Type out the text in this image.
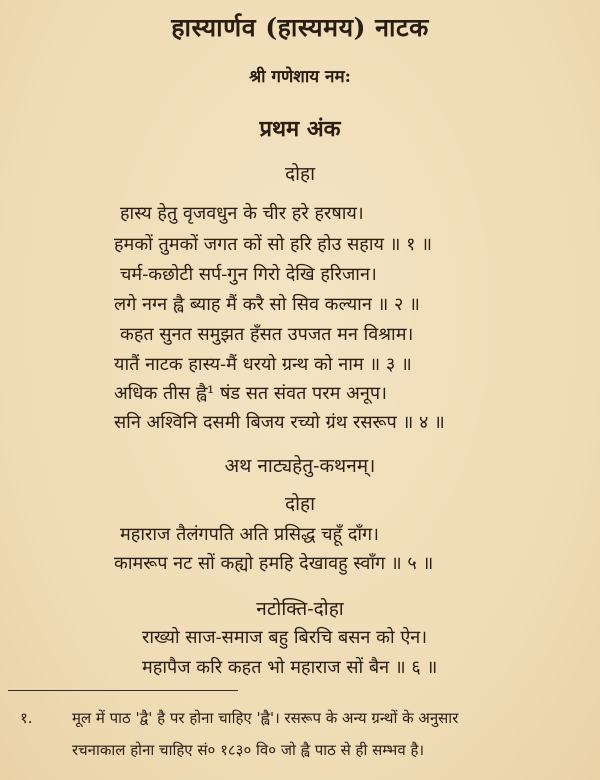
हास्यार्णव (हास्यमय) नाटक
श्री गणेशाय नम:
प्रथम अंक
दोहा
हास्य हेतु वृजवधुन के चीर हरे हरषाय।
हमकों तुमकों जगत कों सो हरि होउ सहाय ॥ १ ॥
चर्म-कछोटी सर्प-गुन गिरो देखि हरिजान।
लगे नग्न ह्वै ब्याह मैं करै सो सिव कल्यान ॥ २ ॥
कहत सुनत समुझत हँसत उपजत मन विश्राम।
यातैं नाटक हास्य-मैं धरयो ग्रन्थ को नाम ॥ ३ ॥
अधिक तीस ह्वै¹ षंड सत संवत परम अनूप।
सनि अश्विनि दसमी बिजय रच्यो ग्रंथ रसरूप ॥ ४ ॥
अथ नाट्यहेतु-कथनम्।
दोहा
महाराज तैलंगपति अति प्रसिद्ध चहूँ दाँग।
कामरूप नट सों कह्यो हमहि देखावहु स्वाँग ॥ ५ ॥
नटोक्ति-दोहा
राख्यो साज-समाज बहु बिरचि बसन को ऐन।
महापैज करि कहत भो महाराज सों बैन ॥ ६ ॥
१.	मूल में पाठ 'द्वै' है पर होना चाहिए 'ह्वै'। रसरूप के अन्य ग्रन्थों के अनुसार
रचनाकाल होना चाहिए सं० १८३० वि० जो ह्वै पाठ से ही सम्भव है।
